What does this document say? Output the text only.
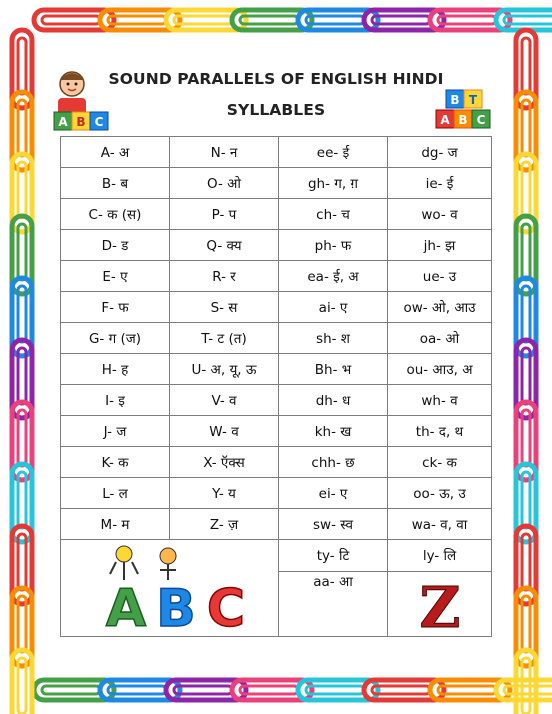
A B C
B T
A B C
SOUND PARALLELS OF ENGLISH HINDI
SYLLABLES
A- अ	N- न	ee- ई	dg- ज
B- ब	O- ओ	gh- ग, ग़	ie- ई
C- क (स)	P- प	ch- च	wo- व
D- ड	Q- क्य	ph- फ	jh- झ
E- ए	R- र	ea- ई, अ	ue- उ
F- फ	S- स	ai- ए	ow- ओ, आउ
G- ग (ज)	T- ट (त)	sh- श	oa- ओ
H- ह	U- अ, यू, ऊ	Bh- भ	ou- आउ, अ
I- इ	V- व	dh- ध	wh- व
J- ज	W- व	kh- ख	th- द, थ
K- क	X- ऍक्स	chh- छ	ck- क
L- ल	Y- य	ei- ए	oo- ऊ, उ
M- म	Z- ज़	sw- स्व	wa- व, वा

A B C		ty- टि	ly- लि
		aa- आ	Z
